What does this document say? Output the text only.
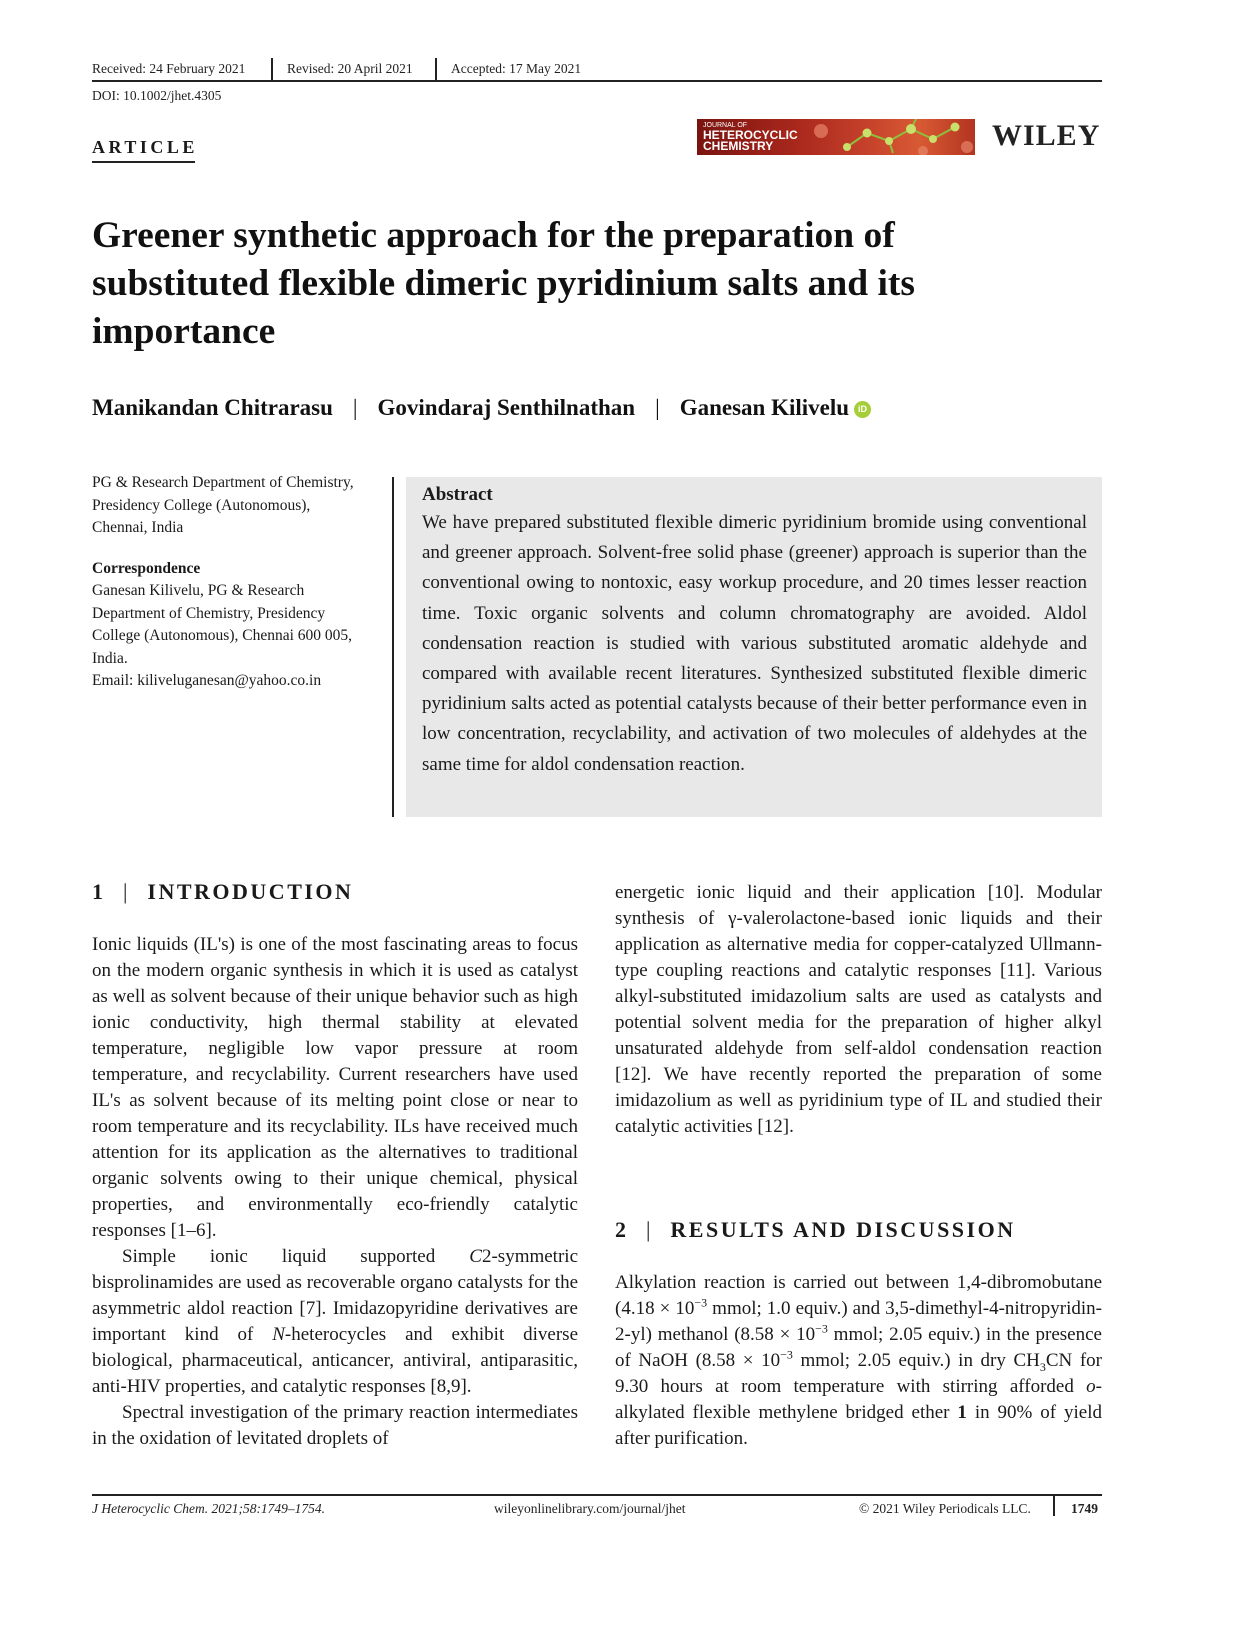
Received: 24 February 2021	Revised: 20 April 2021	Accepted: 17 May 2021
DOI: 10.1002/jhet.4305
ARTICLE
JOURNAL OF
HETEROCYCLIC
CHEMISTRY	WILEY
Greener synthetic approach for the preparation of
substituted flexible dimeric pyridinium salts and its
importance
Manikandan Chitrarasu | Govindaraj Senthilnathan | Ganesan Kilivelu iD

PG & Research Department of Chemistry,

Presidency College (Autonomous),

Chennai, India

Correspondence

Ganesan Kilivelu, PG & Research

Department of Chemistry, Presidency

College (Autonomous), Chennai 600 005,

India.

Email: kiliveluganesan@yahoo.co.in

Abstract

We have prepared substituted flexible dimeric pyridinium bromide using conventional and greener approach. Solvent-free solid phase (greener) approach is superior than the conventional owing to nontoxic, easy workup procedure, and 20 times lesser reaction time. Toxic organic solvents and column chromatography are avoided. Aldol condensation reaction is studied with various substituted aromatic aldehyde and compared with available recent literatures. Synthesized substituted flexible dimeric pyridinium salts acted as potential catalysts because of their better performance even in low concentration, recyclability, and activation of two molecules of aldehydes at the same time for aldol condensation reaction.

1 | INTRODUCTION

Ionic liquids (IL's) is one of the most fascinating areas to focus on the modern organic synthesis in which it is used as catalyst as well as solvent because of their unique behavior such as high ionic conductivity, high thermal stability at elevated temperature, negligible low vapor pressure at room temperature, and recyclability. Current researchers have used IL's as solvent because of its melting point close or near to room temperature and its recyclability. ILs have received much attention for its application as the alternatives to traditional organic solvents owing to their unique chemical, physical properties, and environmentally eco-friendly catalytic responses [1–6].

Simple ionic liquid supported C2-symmetric bisprolinamides are used as recoverable organo catalysts for the asymmetric aldol reaction [7]. Imidazopyridine derivatives are important kind of N-heterocycles and exhibit diverse biological, pharmaceutical, anticancer, antiviral, antiparasitic, anti-HIV properties, and catalytic responses [8,9].

Spectral investigation of the primary reaction intermediates in the oxidation of levitated droplets of

energetic ionic liquid and their application [10]. Modular synthesis of γ-valerolactone-based ionic liquids and their application as alternative media for copper-catalyzed Ullmann-type coupling reactions and catalytic responses [11]. Various alkyl-substituted imidazolium salts are used as catalysts and potential solvent media for the preparation of higher alkyl unsaturated aldehyde from self-aldol condensation reaction [12]. We have recently reported the preparation of some imidazolium as well as pyridinium type of IL and studied their catalytic activities [12].

2 | RESULTS AND DISCUSSION

Alkylation reaction is carried out between 1,4-dibromobutane ($4.18 \times 10^{-3}$ mmol; 1.0 equiv.) and 3,5-dimethyl-4-nitropyridin-2-yl) methanol ($8.58 \times 10^{-3}$ mmol; 2.05 equiv.) in the presence of NaOH ($8.58 \times 10^{-3}$ mmol; 2.05 equiv.) in dry $CH_3CN$ for 9.30 hours at room temperature with stirring afforded o-alkylated flexible methylene bridged ether 1 in 90% of yield after purification.

J Heterocyclic Chem. 2021;58:1749–1754.	wileyonlinelibrary.com/journal/jhet	© 2021 Wiley Periodicals LLC.	1749
